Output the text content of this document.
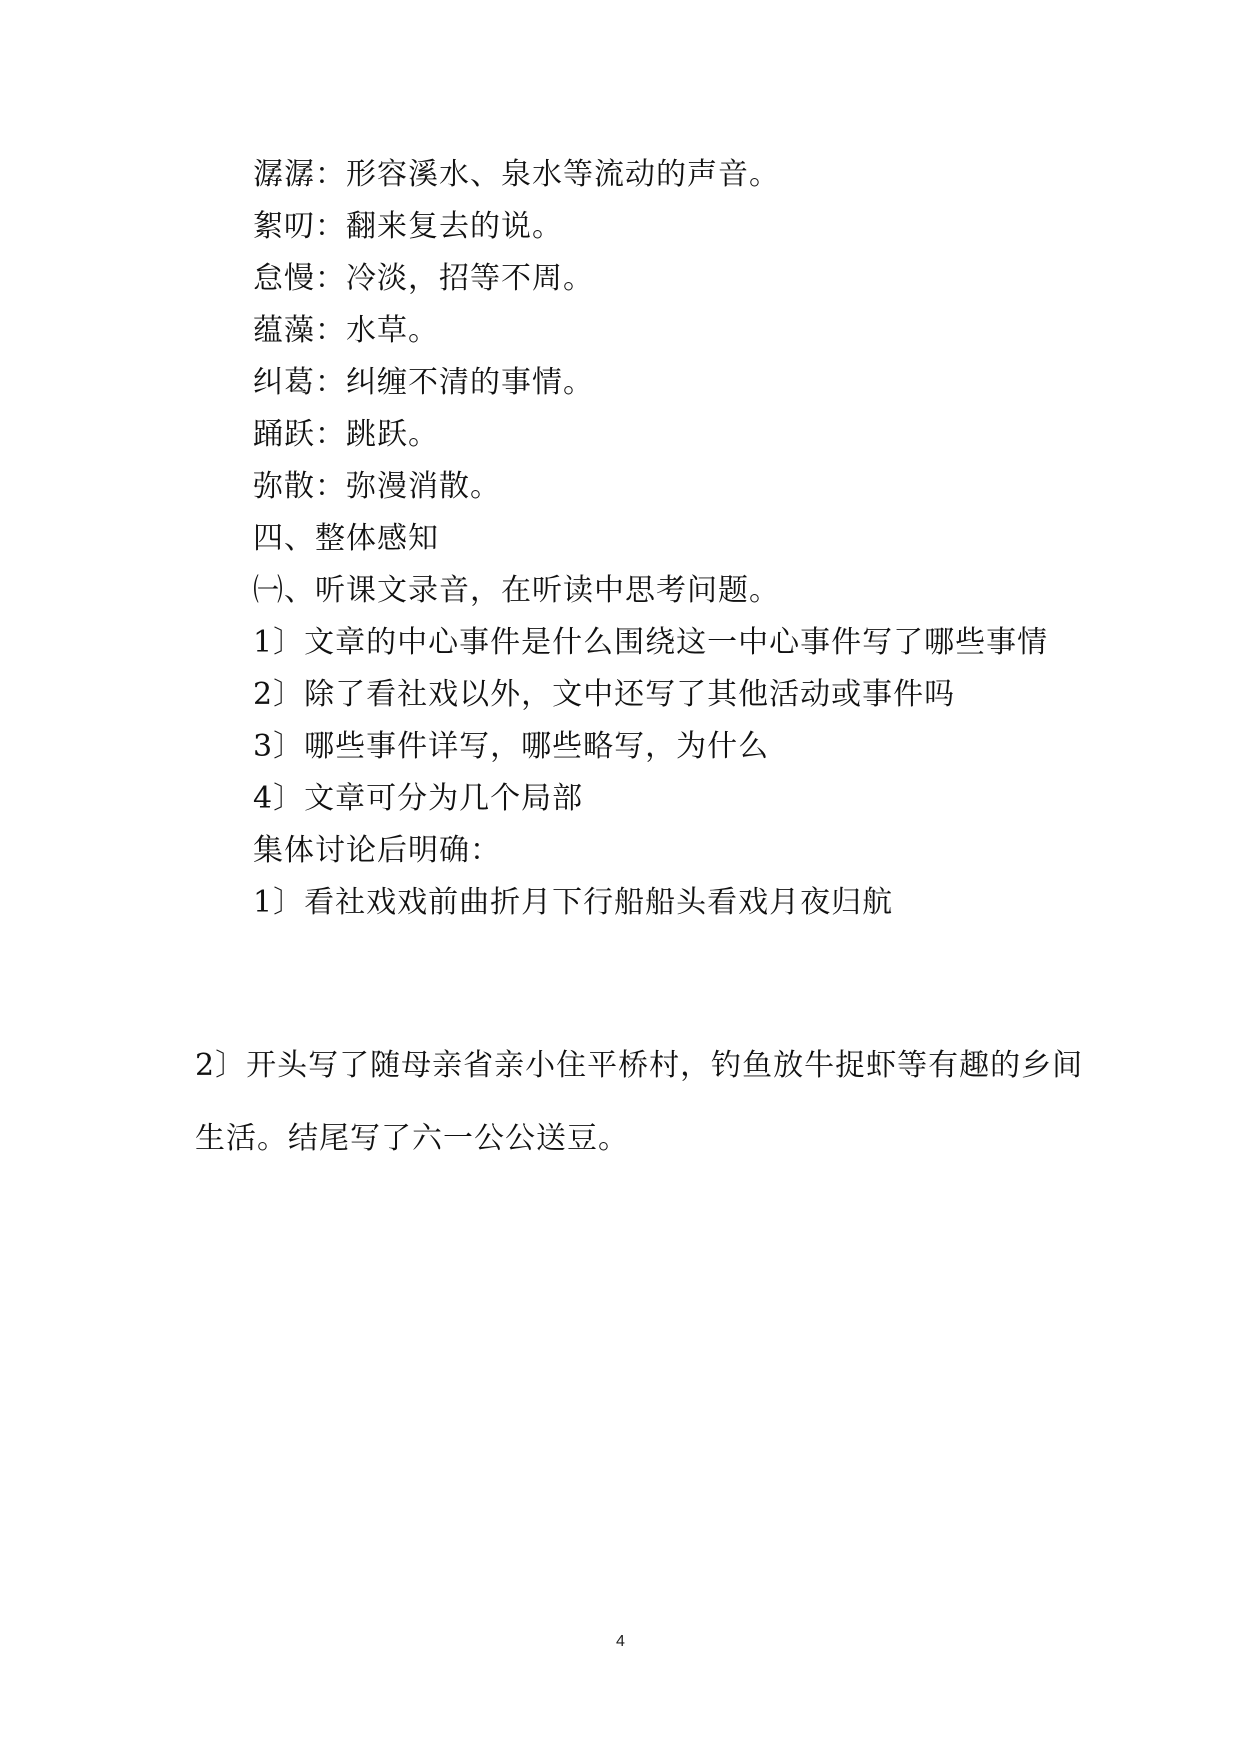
潺潺：形容溪水、泉水等流动的声音。
絮叨：翻来复去的说。
怠慢：冷淡，招等不周。
蕴藻：水草。
纠葛：纠缠不清的事情。
踊跃：跳跃。
弥散：弥漫消散。
四、整体感知
㈠、听课文录音，在听读中思考问题。
1〕文章的中心事件是什么围绕这一中心事件写了哪些事情
2〕除了看社戏以外，文中还写了其他活动或事件吗
3〕哪些事件详写，哪些略写，为什么
4〕文章可分为几个局部
集体讨论后明确：
1〕看社戏戏前曲折月下行船船头看戏月夜归航
2〕开头写了随母亲省亲小住平桥村，钓鱼放牛捉虾等有趣的乡间
生活。结尾写了六一公公送豆。
4
